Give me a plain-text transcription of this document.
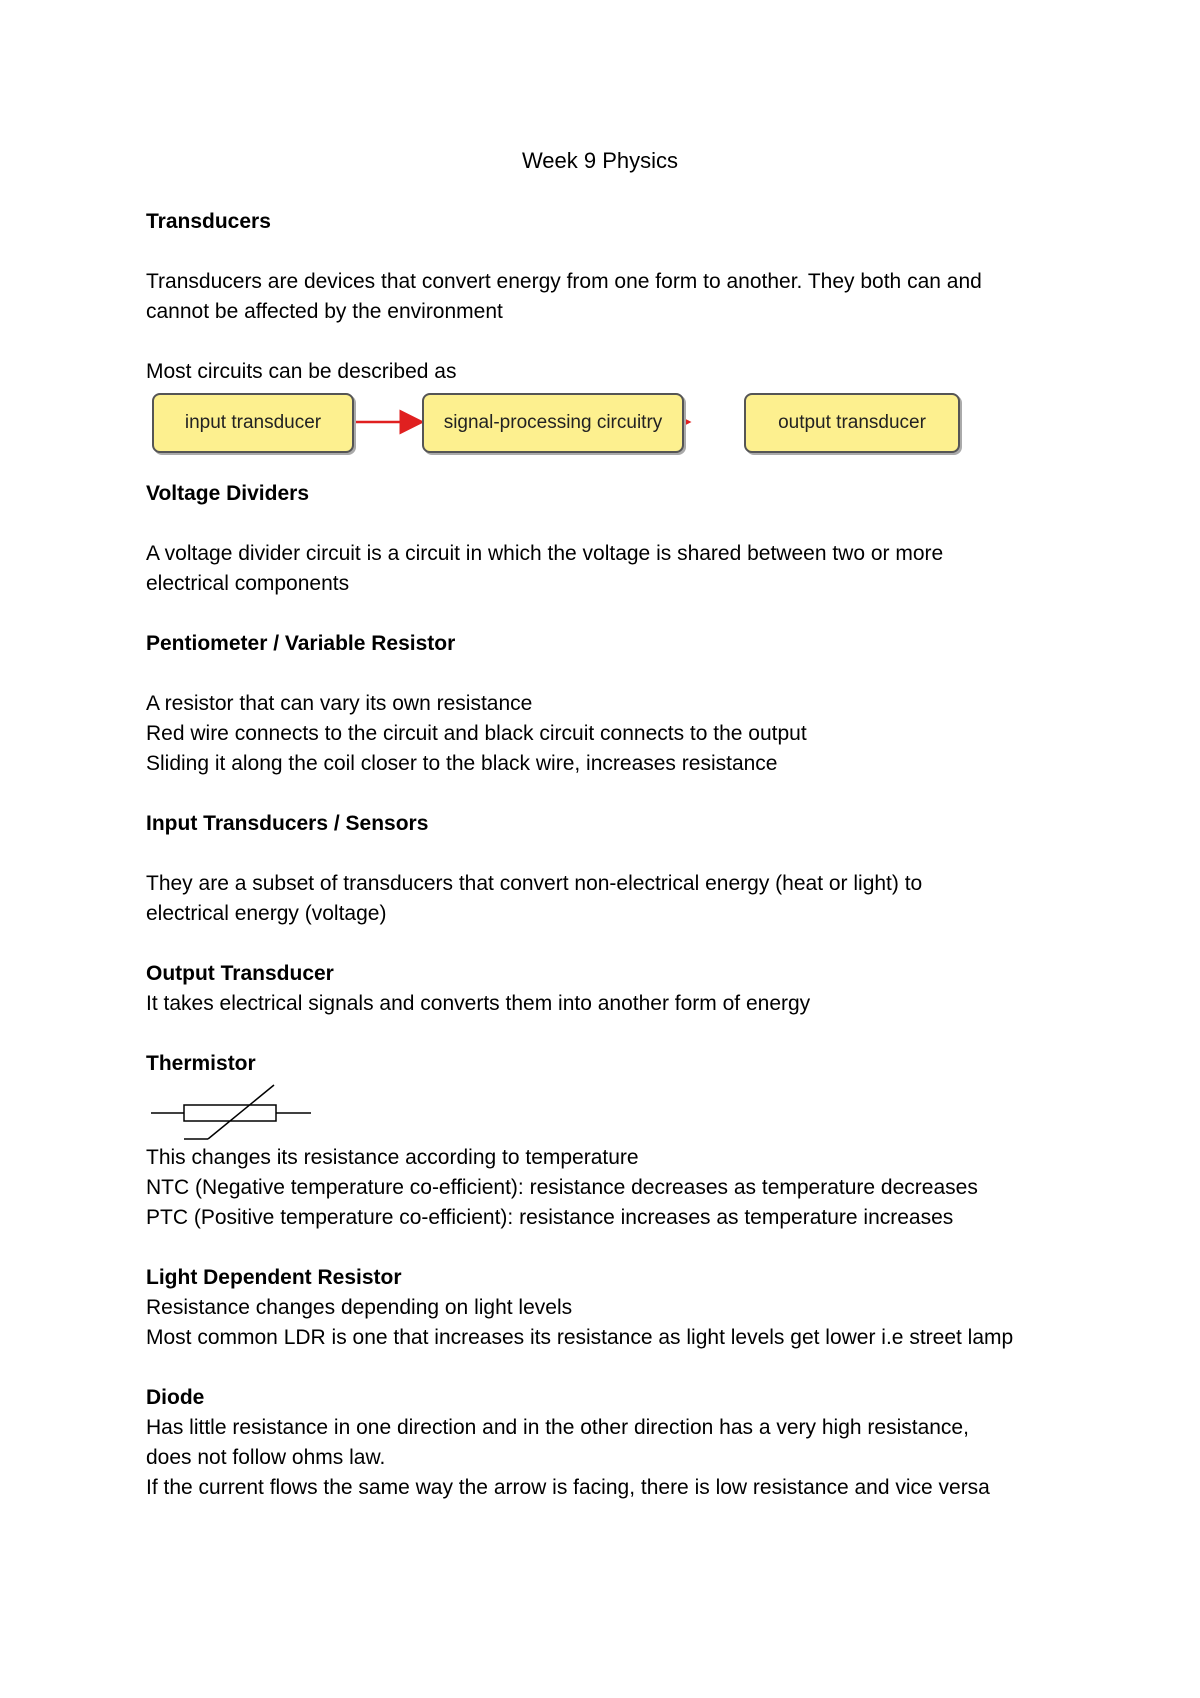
Week 9 Physics

Transducers

Transducers are devices that convert energy from one form to another. They both can and

cannot be affected by the environment

Most circuits can be described as

input transducer	signal-processing circuitry	output transducer

Voltage Dividers

A voltage divider circuit is a circuit in which the voltage is shared between two or more

electrical components

Pentiometer / Variable Resistor

A resistor that can vary its own resistance

Red wire connects to the circuit and black circuit connects to the output

Sliding it along the coil closer to the black wire, increases resistance

Input Transducers / Sensors

They are a subset of transducers that convert non-electrical energy (heat or light) to

electrical energy (voltage)

Output Transducer

It takes electrical signals and converts them into another form of energy

Thermistor

This changes its resistance according to temperature

NTC (Negative temperature co-efficient): resistance decreases as temperature decreases

PTC (Positive temperature co-efficient): resistance increases as temperature increases

Light Dependent Resistor

Resistance changes depending on light levels

Most common LDR is one that increases its resistance as light levels get lower i.e street lamp

Diode

Has little resistance in one direction and in the other direction has a very high resistance,

does not follow ohms law.

If the current flows the same way the arrow is facing, there is low resistance and vice versa
